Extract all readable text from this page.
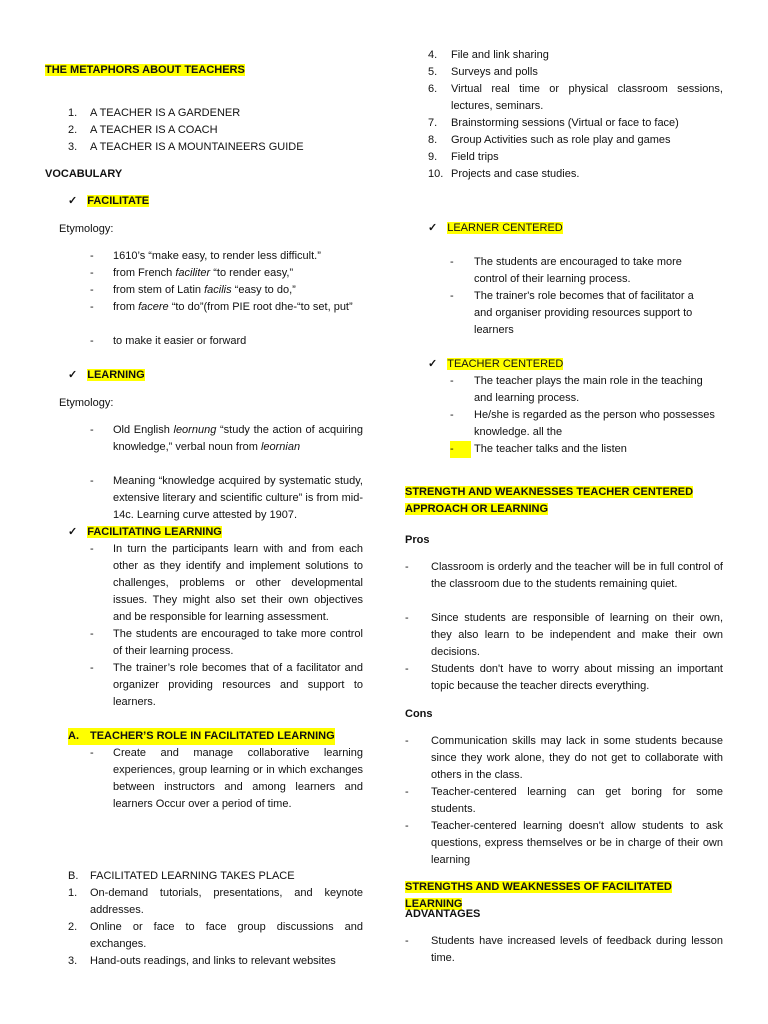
THE METAPHORS ABOUT TEACHERS
1.	A TEACHER IS A GARDENER
2.	A TEACHER IS A COACH
3.	A TEACHER IS A MOUNTAINEERS GUIDE
VOCABULARY
✓ FACILITATE
Etymology:
-	1610’s “make easy, to render less difficult.”
-	from French faciliter “to render easy,”
-	from stem of Latin facilis “easy to do,”
-	from facere “to do”(from PIE root dhe-“to set, put”
-	to make it easier or forward
✓ LEARNING
Etymology:
-	Old English leornung “study the action of acquiring knowledge,” verbal noun from leornian
-	Meaning “knowledge acquired by systematic study, extensive literary and scientific culture” is from mid-14c. Learning curve attested by 1907.
✓ FACILITATING LEARNING
-	In turn the participants learn with and from each other as they identify and implement solutions to challenges, problems or other developmental issues. They might also set their own objectives and be responsible for learning assessment.
-	The students are encouraged to take more control of their learning process.
-	The trainer’s role becomes that of a facilitator and organizer providing resources and support to learners.
A.	TEACHER’S ROLE IN FACILITATED LEARNING
-	Create and manage collaborative learning experiences, group learning or in which exchanges between instructors and among learners and learners Occur over a period of time.
B.	FACILITATED LEARNING TAKES PLACE
1.	On-demand tutorials, presentations, and keynote addresses.
2.	Online or face to face group discussions and exchanges.
3.	Hand-outs readings, and links to relevant websites
4.	File and link sharing
5.	Surveys and polls
6.	Virtual real time or physical classroom sessions, lectures, seminars.
7.	Brainstorming sessions (Virtual or face to face)
8.	Group Activities such as role play and games
9.	Field trips
10. Projects and case studies.
✓ LEARNER CENTERED
-	The students are encouraged to take more control of their learning process.
-	The trainer's role becomes that of facilitator a and organiser providing resources support to learners
✓ TEACHER CENTERED
-	The teacher plays the main role in the teaching and learning process.
-	He/she is regarded as the person who possesses knowledge. all the
-	The teacher talks and the listen
STRENGTH AND WEAKNESSES TEACHER CENTERED
APPROACH OR LEARNING
Pros
-	Classroom is orderly and the teacher will be in full control of the classroom due to the students remaining quiet.
-	Since students are responsible of learning on their own, they also learn to be independent and make their own decisions.
-	Students don't have to worry about missing an important topic because the teacher directs everything.
Cons
-	Communication skills may lack in some students because since they work alone, they do not get to collaborate with others in the class.
-	Teacher-centered learning can get boring for some students.
-	Teacher-centered learning doesn't allow students to ask questions, express themselves or be in charge of their own learning
STRENGTHS AND WEAKNESSES OF FACILITATED LEARNING
ADVANTAGES
-	Students have increased levels of feedback during lesson time.
